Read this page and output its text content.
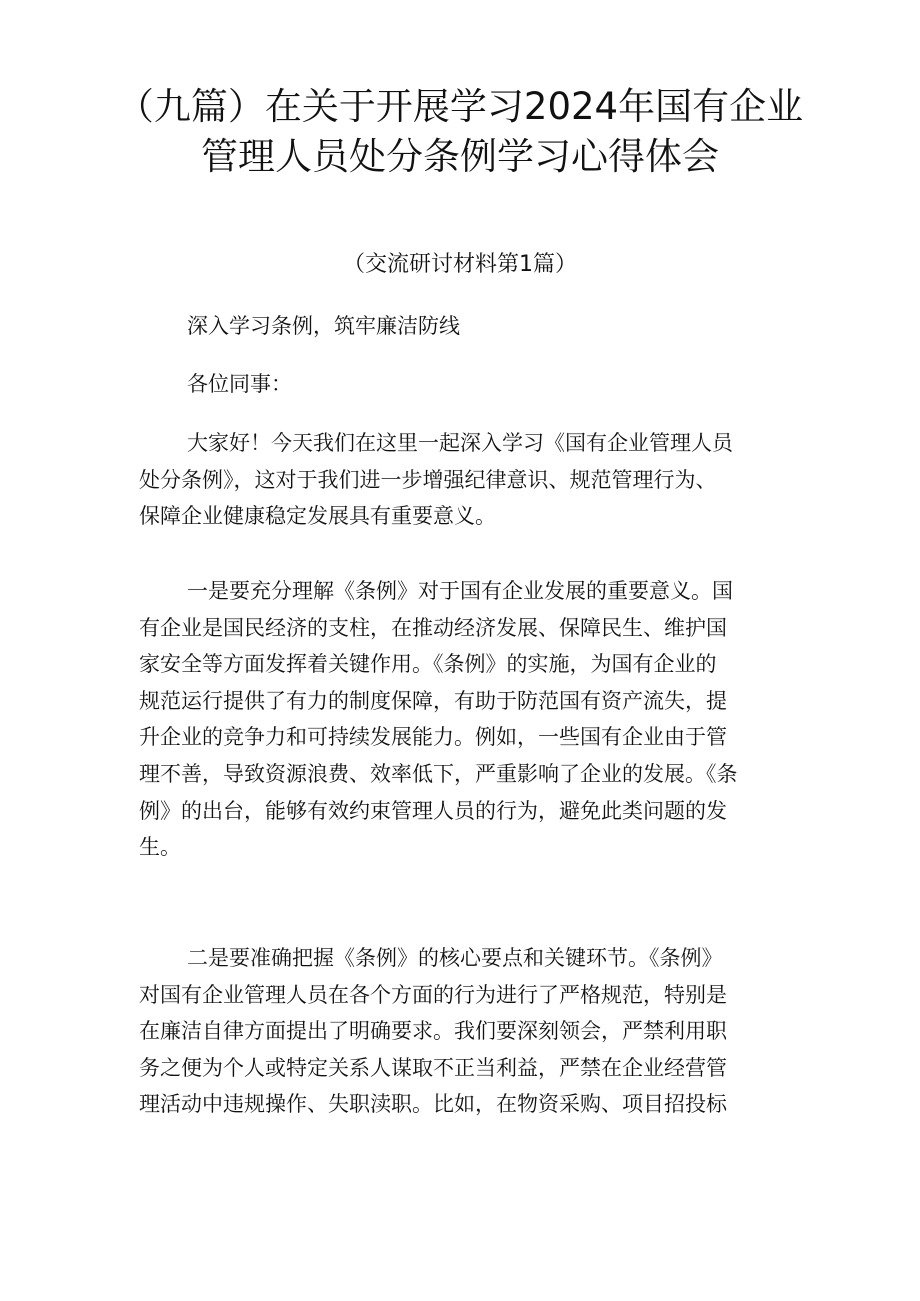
（九篇）在关于开展学习2024年国有企业
管理人员处分条例学习心得体会
（交流研讨材料第1篇）
深入学习条例，筑牢廉洁防线
各位同事：
大家好！今天我们在这里一起深入学习《国有企业管理人员
处分条例》，这对于我们进一步增强纪律意识、规范管理行为、
保障企业健康稳定发展具有重要意义。
一是要充分理解《条例》对于国有企业发展的重要意义。国
有企业是国民经济的支柱，在推动经济发展、保障民生、维护国
家安全等方面发挥着关键作用。《条例》的实施，为国有企业的
规范运行提供了有力的制度保障，有助于防范国有资产流失，提
升企业的竞争力和可持续发展能力。例如，一些国有企业由于管
理不善，导致资源浪费、效率低下，严重影响了企业的发展。《条
例》的出台，能够有效约束管理人员的行为，避免此类问题的发
生。
二是要准确把握《条例》的核心要点和关键环节。《条例》
对国有企业管理人员在各个方面的行为进行了严格规范，特别是
在廉洁自律方面提出了明确要求。我们要深刻领会，严禁利用职
务之便为个人或特定关系人谋取不正当利益，严禁在企业经营管
理活动中违规操作、失职渎职。比如，在物资采购、项目招投标
